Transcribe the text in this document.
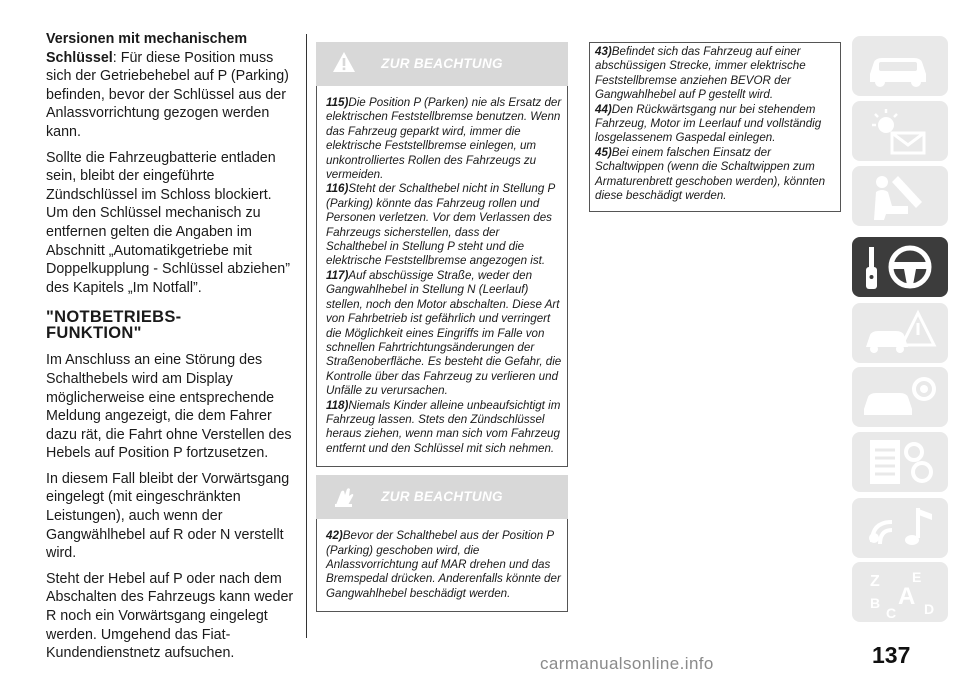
Versionen mit mechanischem Schlüssel: Für diese Position muss sich der Getriebehebel auf P (Parking) befinden, bevor der Schlüssel aus der Anlassvorrichtung gezogen werden kann.

Sollte die Fahrzeugbatterie entladen sein, bleibt der eingeführte Zündschlüssel im Schloss blockiert. Um den Schlüssel mechanisch zu entfernen gelten die Angaben im Abschnitt „Automatikgetriebe mit Doppelkupplung - Schlüssel abziehen” des Kapitels „Im Notfall”.

"NOTBETRIEBS-
FUNKTION"

Im Anschluss an eine Störung des Schalthebels wird am Display möglicherweise eine entsprechende Meldung angezeigt, die dem Fahrer dazu rät, die Fahrt ohne Verstellen des Hebels auf Position P fortzusetzen.

In diesem Fall bleibt der Vorwärtsgang eingelegt (mit eingeschränkten Leistungen), auch wenn der Gangwählhebel auf R oder N verstellt wird.

Steht der Hebel auf P oder nach dem Abschalten des Fahrzeugs kann weder R noch ein Vorwärtsgang eingelegt werden. Umgehend das Fiat-Kundendienstnetz aufsuchen.

ZUR BEACHTUNG

115)Die Position P (Parken) nie als Ersatz der elektrischen Feststellbremse benutzen. Wenn das Fahrzeug geparkt wird, immer die elektrische Feststellbremse einlegen, um unkontrolliertes Rollen des Fahrzeugs zu vermeiden.

116)Steht der Schalthebel nicht in Stellung P (Parking) könnte das Fahrzeug rollen und Personen verletzen. Vor dem Verlassen des Fahrzeugs sicherstellen, dass der Schalthebel in Stellung P steht und die elektrische Feststellbremse angezogen ist.

117)Auf abschüssige Straße, weder den Gangwahlhebel in Stellung N (Leerlauf) stellen, noch den Motor abschalten. Diese Art von Fahrbetrieb ist gefährlich und verringert die Möglichkeit eines Eingriffs im Falle von schnellen Fahrtrichtungsänderungen der Straßenoberfläche. Es besteht die Gefahr, die Kontrolle über das Fahrzeug zu verlieren und Unfälle zu verursachen.

118)Niemals Kinder alleine unbeaufsichtigt im Fahrzeug lassen. Stets den Zündschlüssel heraus ziehen, wenn man sich vom Fahrzeug entfernt und den Schlüssel mit sich nehmen.

ZUR BEACHTUNG

42)Bevor der Schalthebel aus der Position P (Parking) geschoben wird, die Anlassvorrichtung auf MAR drehen und das Bremspedal drücken. Anderenfalls könnte der Gangwahlhebel beschädigt werden.

43)Befindet sich das Fahrzeug auf einer abschüssigen Strecke, immer elektrische Feststellbremse anziehen BEVOR der Gangwahlhebel auf P gestellt wird.

44)Den Rückwärtsgang nur bei stehendem Fahrzeug, Motor im Leerlauf und vollständig losgelassenem Gaspedal einlegen.

45)Bei einem falschen Einsatz der Schaltwippen (wenn die Schaltwippen zum Armaturenbrett geschoben werden), könnten diese beschädigt werden.

Z E
A
B
C D
137
carmanualsonline.info
